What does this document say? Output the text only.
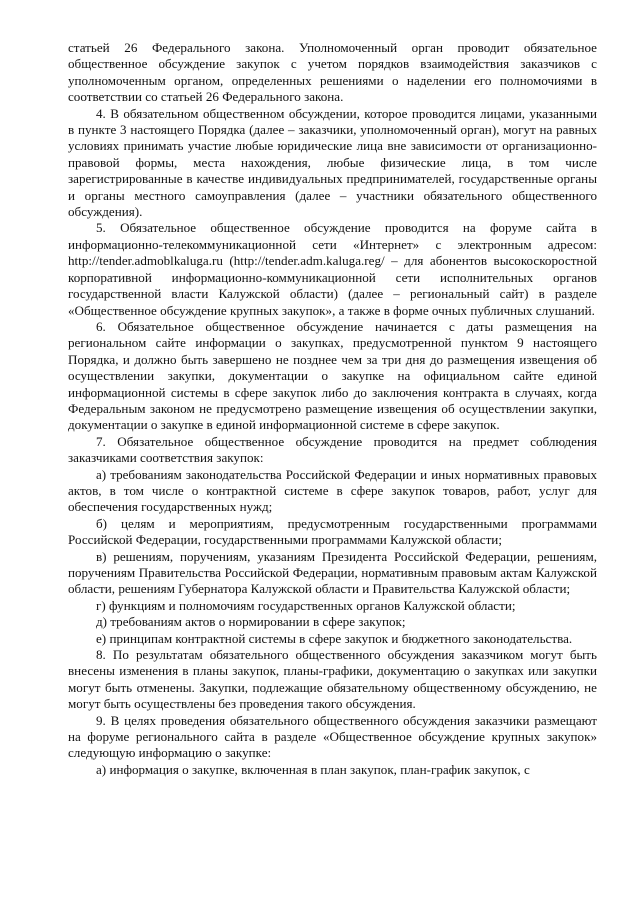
статьей 26 Федерального закона. Уполномоченный орган проводит обязательное общественное обсуждение закупок с учетом порядков взаимодействия заказчиков с уполномоченным органом, определенных решениями о наделении его полномочиями в соответствии со статьей 26 Федерального закона.

4. В обязательном общественном обсуждении, которое проводится лицами, указанными в пункте 3 настоящего Порядка (далее – заказчики, уполномоченный орган), могут на равных условиях принимать участие любые юридические лица вне зависимости от организационно-правовой формы, места нахождения, любые физические лица, в том числе зарегистрированные в качестве индивидуальных предпринимателей, государственные органы и органы местного самоуправления (далее – участники обязательного общественного обсуждения).

5. Обязательное общественное обсуждение проводится на форуме сайта в информационно-телекоммуникационной сети «Интернет» с электронным адресом: http://tender.admoblkaluga.ru (http://tender.adm.kaluga.reg/ – для абонентов высокоскоростной корпоративной информационно-коммуникационной сети исполнительных органов государственной власти Калужской области) (далее – региональный сайт) в разделе «Общественное обсуждение крупных закупок», а также в форме очных публичных слушаний.

6. Обязательное общественное обсуждение начинается с даты размещения на региональном сайте информации о закупках, предусмотренной пунктом 9 настоящего Порядка, и должно быть завершено не позднее чем за три дня до размещения извещения об осуществлении закупки, документации о закупке на официальном сайте единой информационной системы в сфере закупок либо до заключения контракта в случаях, когда Федеральным законом не предусмотрено размещение извещения об осуществлении закупки, документации о закупке в единой информационной системе в сфере закупок.

7. Обязательное общественное обсуждение проводится на предмет соблюдения заказчиками соответствия закупок:

а) требованиям законодательства Российской Федерации и иных нормативных правовых актов, в том числе о контрактной системе в сфере закупок товаров, работ, услуг для обеспечения государственных нужд;

б) целям и мероприятиям, предусмотренным государственными программами Российской Федерации, государственными программами Калужской области;

в) решениям, поручениям, указаниям Президента Российской Федерации, решениям, поручениям Правительства Российской Федерации, нормативным правовым актам Калужской области, решениям Губернатора Калужской области и Правительства Калужской области;

г) функциям и полномочиям государственных органов Калужской области;

д) требованиям актов о нормировании в сфере закупок;

е) принципам контрактной системы в сфере закупок и бюджетного законодательства.

8. По результатам обязательного общественного обсуждения заказчиком могут быть внесены изменения в планы закупок, планы-графики, документацию о закупках или закупки могут быть отменены. Закупки, подлежащие обязательному общественному обсуждению, не могут быть осуществлены без проведения такого обсуждения.

9. В целях проведения обязательного общественного обсуждения заказчики размещают на форуме регионального сайта в разделе «Общественное обсуждение крупных закупок» следующую информацию о закупке:

а) информация о закупке, включенная в план закупок, план-график закупок, с
